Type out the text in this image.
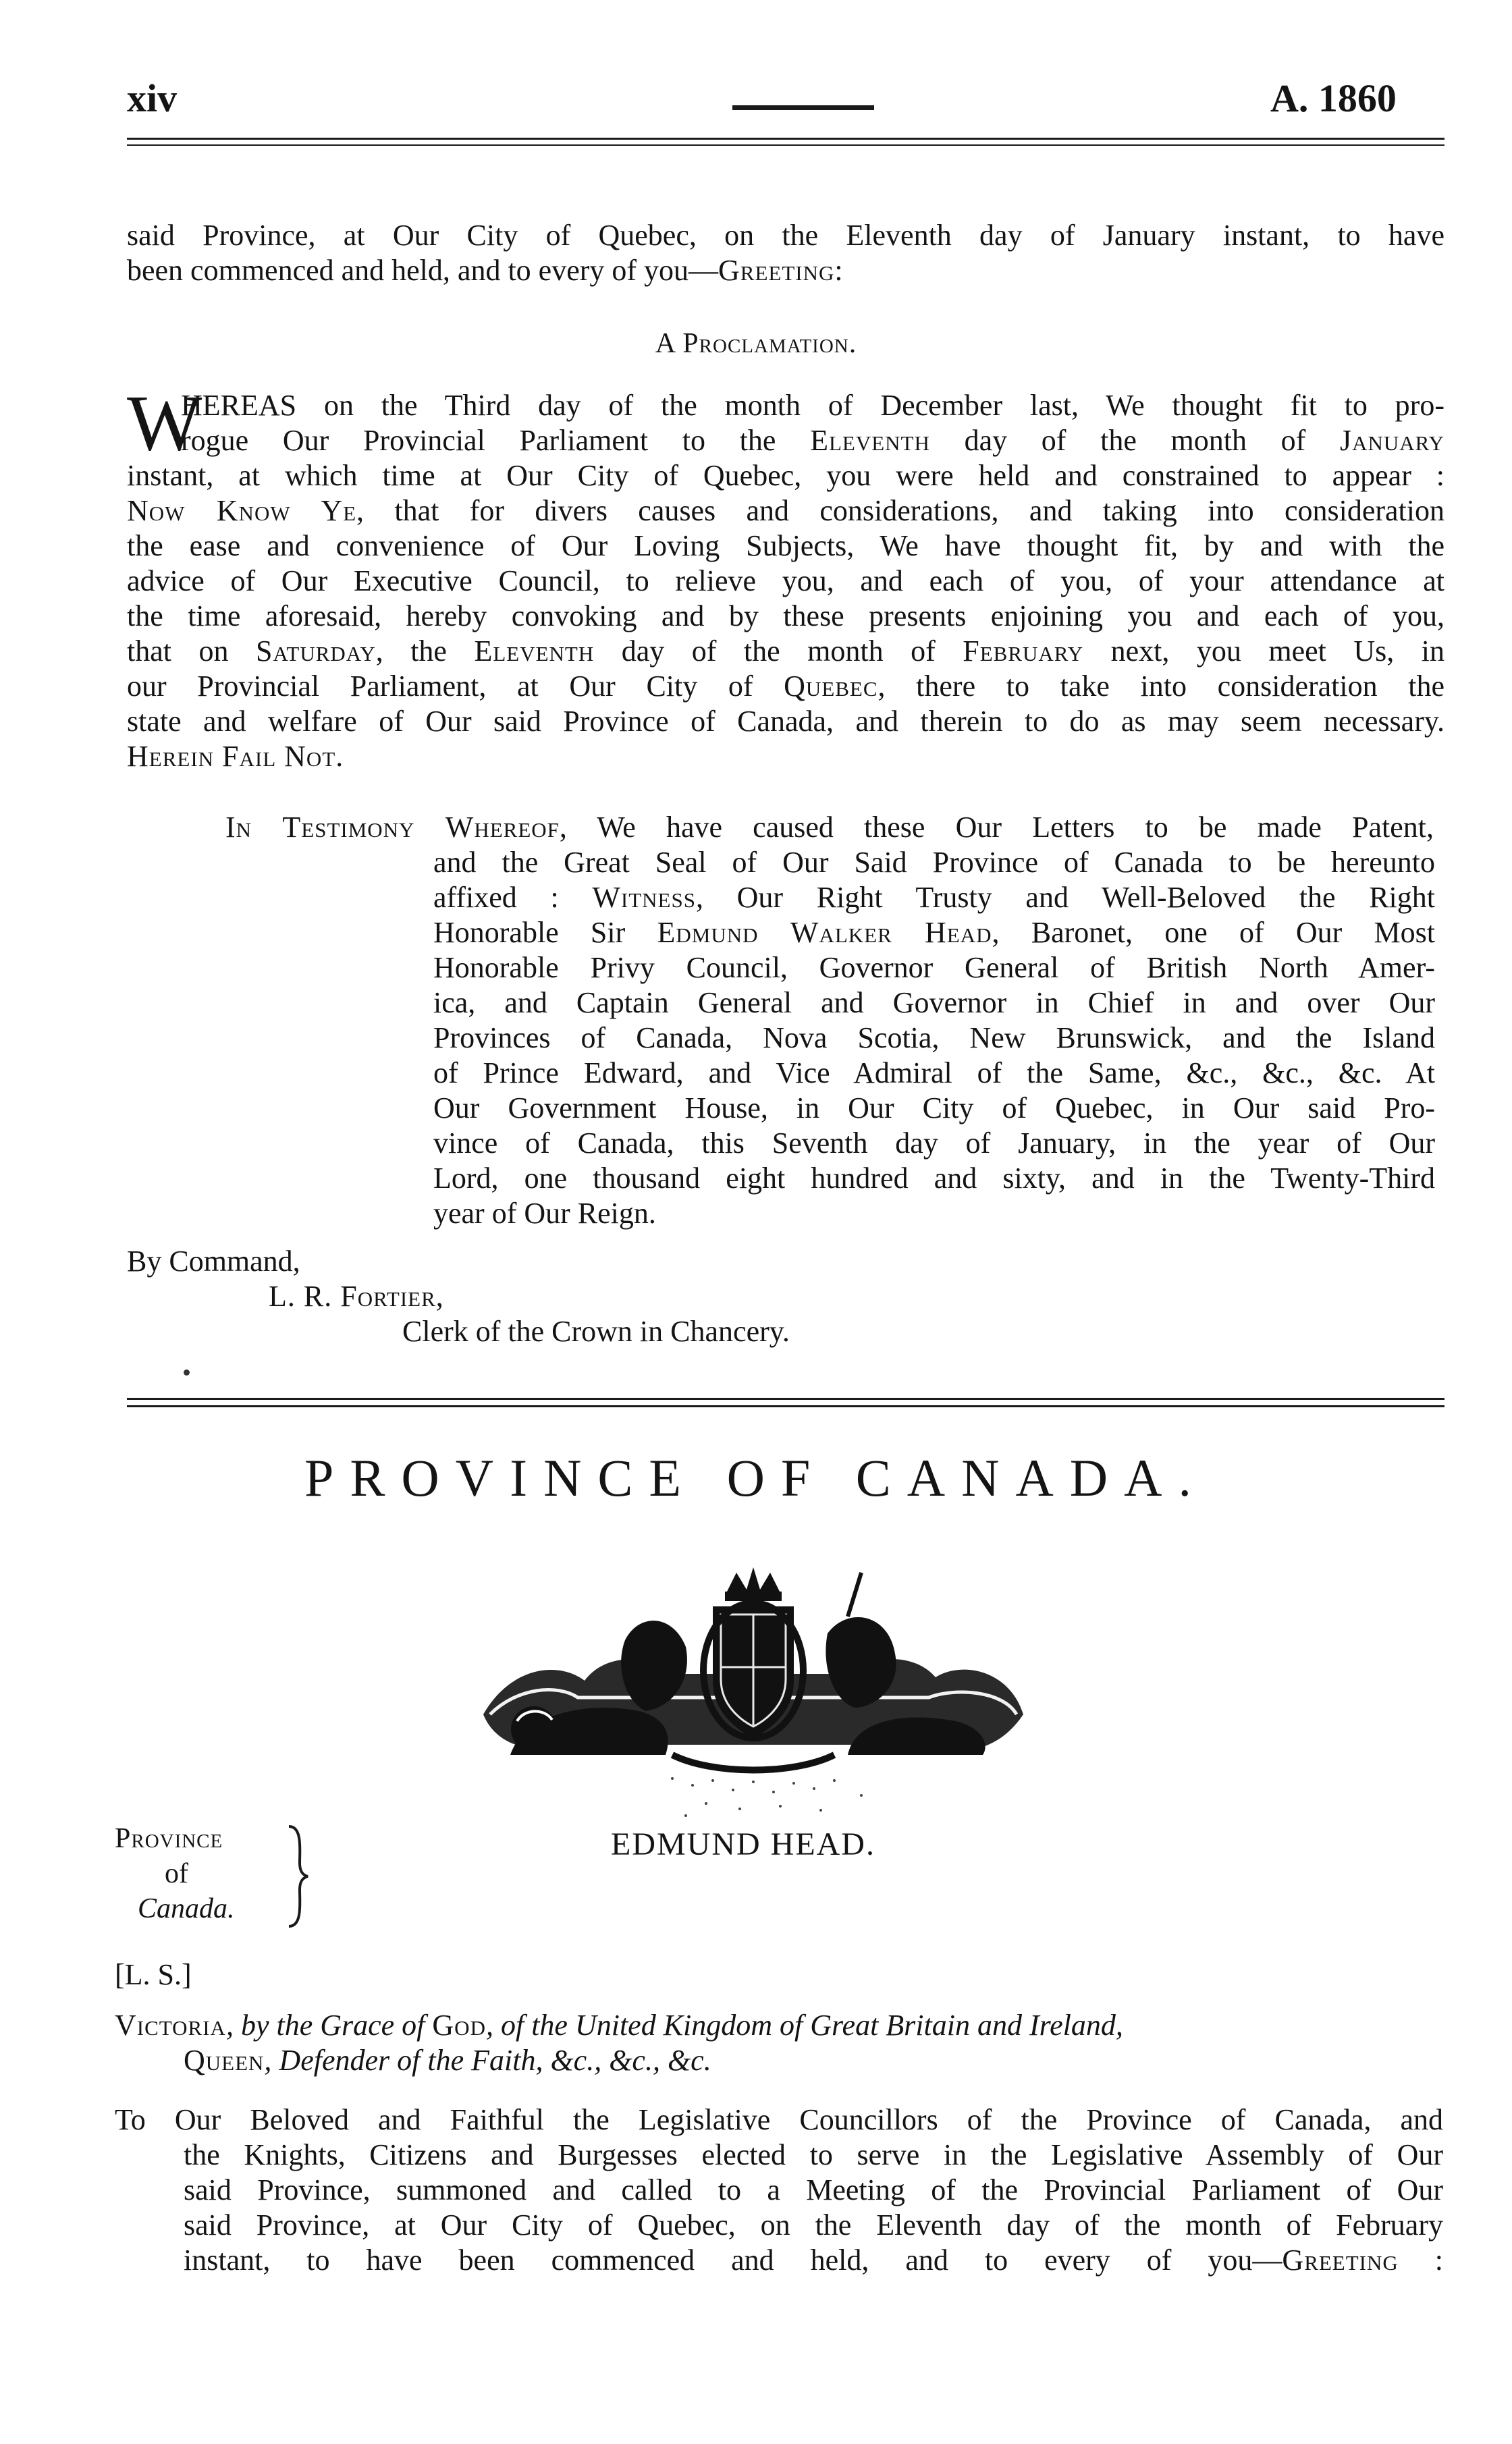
xiv	A. 1860
said Province, at Our City of Quebec, on the Eleventh day of January instant, to have
been commenced and held, and to every of you—Greeting:
A Proclamation.
W
HEREAS on the Third day of the month of December last, We thought fit to pro-
rogue Our Provincial Parliament to the Eleventh day of the month of January
instant, at which time at Our City of Quebec, you were held and constrained to appear :
Now Know Ye, that for divers causes and considerations, and taking into consideration
the ease and convenience of Our Loving Subjects, We have thought fit, by and with the
advice of Our Executive Council, to relieve you, and each of you, of your attendance at
the time aforesaid, hereby convoking and by these presents enjoining you and each of you,
that on Saturday, the Eleventh day of the month of February next, you meet Us, in
our Provincial Parliament, at Our City of Quebec, there to take into consideration the
state and welfare of Our said Province of Canada, and therein to do as may seem necessary.
Herein Fail Not.
In Testimony Whereof, We have caused these Our Letters to be made Patent,
and the Great Seal of Our Said Province of Canada to be hereunto
affixed : Witness, Our Right Trusty and Well-Beloved the Right
Honorable Sir Edmund Walker Head, Baronet, one of Our Most
Honorable Privy Council, Governor General of British North Amer-
ica, and Captain General and Governor in Chief in and over Our
Provinces of Canada, Nova Scotia, New Brunswick, and the Island
of Prince Edward, and Vice Admiral of the Same, &c., &c., &c. At
Our Government House, in Our City of Quebec, in Our said Pro-
vince of Canada, this Seventh day of January, in the year of Our
Lord, one thousand eight hundred and sixty, and in the Twenty-Third
year of Our Reign.
By Command,
L. R. Fortier,
Clerk of the Crown in Chancery.
PROVINCE OF CANADA.
EDMUND HEAD.
Province
of
Canada.
[L. S.]
Victoria, by the Grace of God, of the United Kingdom of Great Britain and Ireland,
Queen, Defender of the Faith, &c., &c., &c.
To Our Beloved and Faithful the Legislative Councillors of the Province of Canada, and
the Knights, Citizens and Burgesses elected to serve in the Legislative Assembly of Our
said Province, summoned and called to a Meeting of the Provincial Parliament of Our
said Province, at Our City of Quebec, on the Eleventh day of the month of February
instant, to have been commenced and held, and to every of you—Greeting :
